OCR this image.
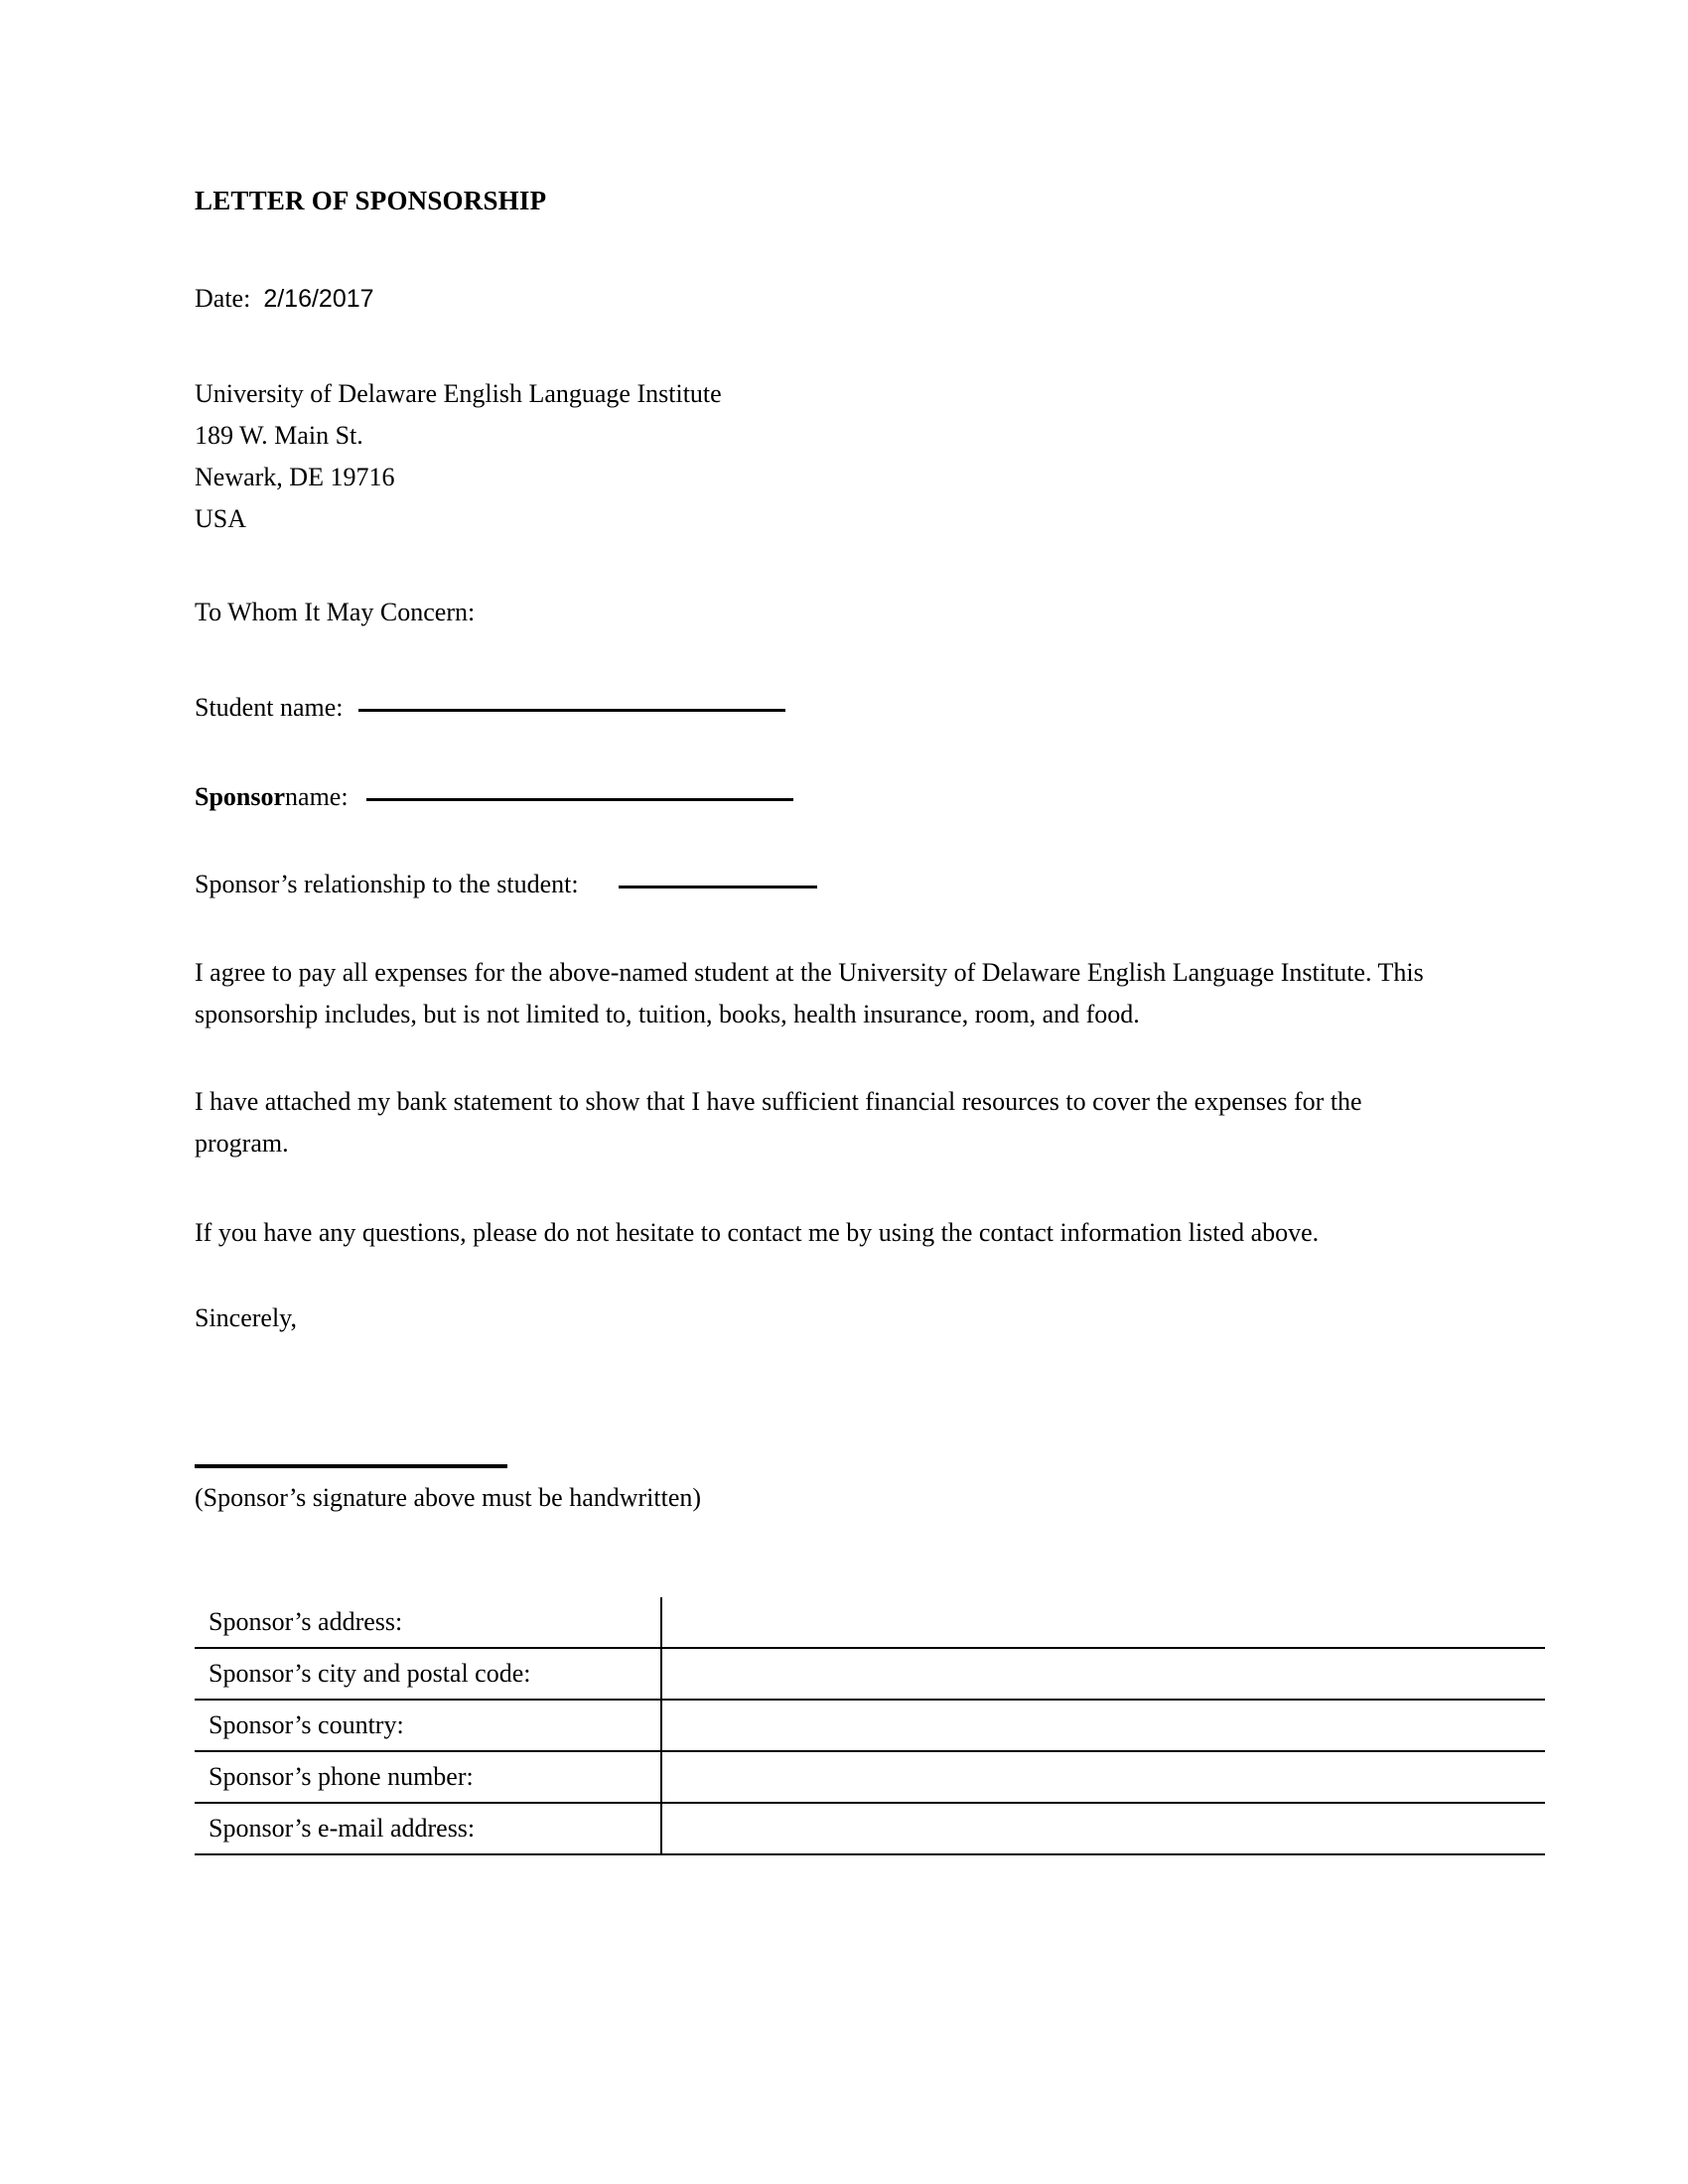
LETTER OF SPONSORSHIP
Date: 2/16/2017
University of Delaware English Language Institute
189 W. Main St.
Newark, DE 19716
USA
To Whom It May Concern:
Student name:
Sponsor name:
Sponsor’s relationship to the student:
I agree to pay all expenses for the above-named student at the University of Delaware English Language Institute. This sponsorship includes, but is not limited to, tuition, books, health insurance, room, and food.
I have attached my bank statement to show that I have sufficient financial resources to cover the expenses for the program.
If you have any questions, please do not hesitate to contact me by using the contact information listed above.
Sincerely,
(Sponsor’s signature above must be handwritten)
Sponsor’s address:	
Sponsor’s city and postal code:	
Sponsor’s country:	
Sponsor’s phone number:	
Sponsor’s e-mail address:	
